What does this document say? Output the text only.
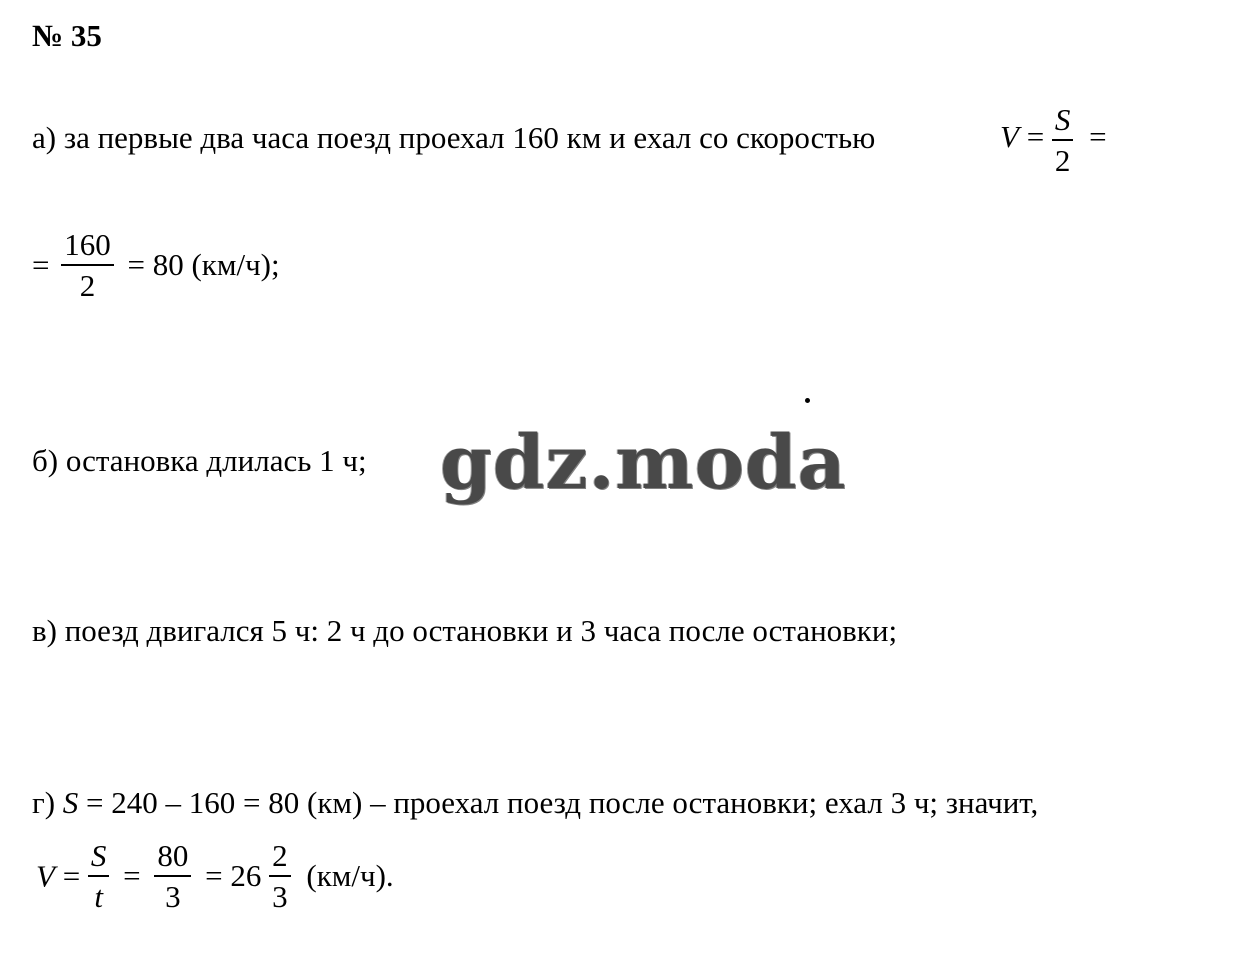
№ 35
а) за первые два часа поезд проехал 160 км и ехал со скоростью	$V = \frac{S}{2}$ =
= $\frac{160}{2} = 80$ (км/ч);
б) остановка длилась 1 ч; gdz.moda
в) поезд двигался 5 ч: 2 ч до остановки и 3 часа после остановки;
г) S = 240 – 160 = 80 (км) – проехал поезд после остановки; ехал 3 ч; значит,
$V = \frac{S}{t} = \frac{80}{3} = 26 \frac{2}{3} (км/ч)$.
